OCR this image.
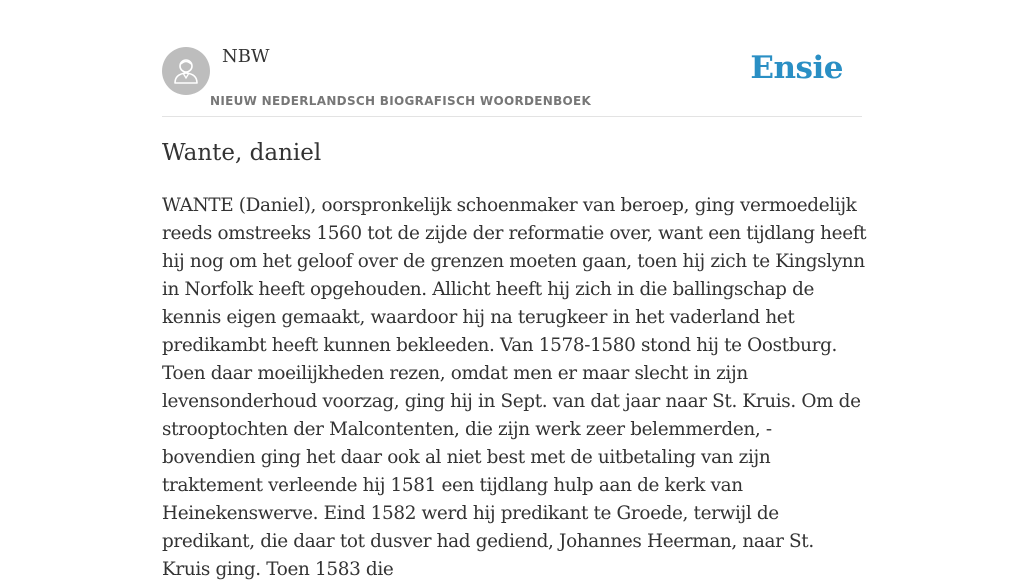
NBW
NIEUW NEDERLANDSCH BIOGRAFISCH WOORDENBOEK
Ensie
Wante, daniel

WANTE (Daniel), oorspronkelijk schoenmaker van beroep, ging vermoedelijk reeds omstreeks 1560 tot de zijde der reformatie over, want een tijdlang heeft hij nog om het geloof over de grenzen moeten gaan, toen hij zich te Kingslynn in Norfolk heeft opgehouden. Allicht heeft hij zich in die ballingschap de kennis eigen gemaakt, waardoor hij na terugkeer in het vaderland het predikambt heeft kunnen bekleeden. Van 1578-1580 stond hij te Oostburg. Toen daar moeilijkheden rezen, omdat men er maar slecht in zijn levensonderhoud voorzag, ging hij in Sept. van dat jaar naar St. Kruis. Om de strooptochten der Malcontenten, die zijn werk zeer belemmerden, - bovendien ging het daar ook al niet best met de uitbetaling van zijn traktement verleende hij 1581 een tijdlang hulp aan de kerk van Heinekenswerve. Eind 1582 werd hij predikant te Groede, terwijl de predikant, die daar tot dusver had gediend, Johannes Heerman, naar St. Kruis ging. Toen 1583 die
